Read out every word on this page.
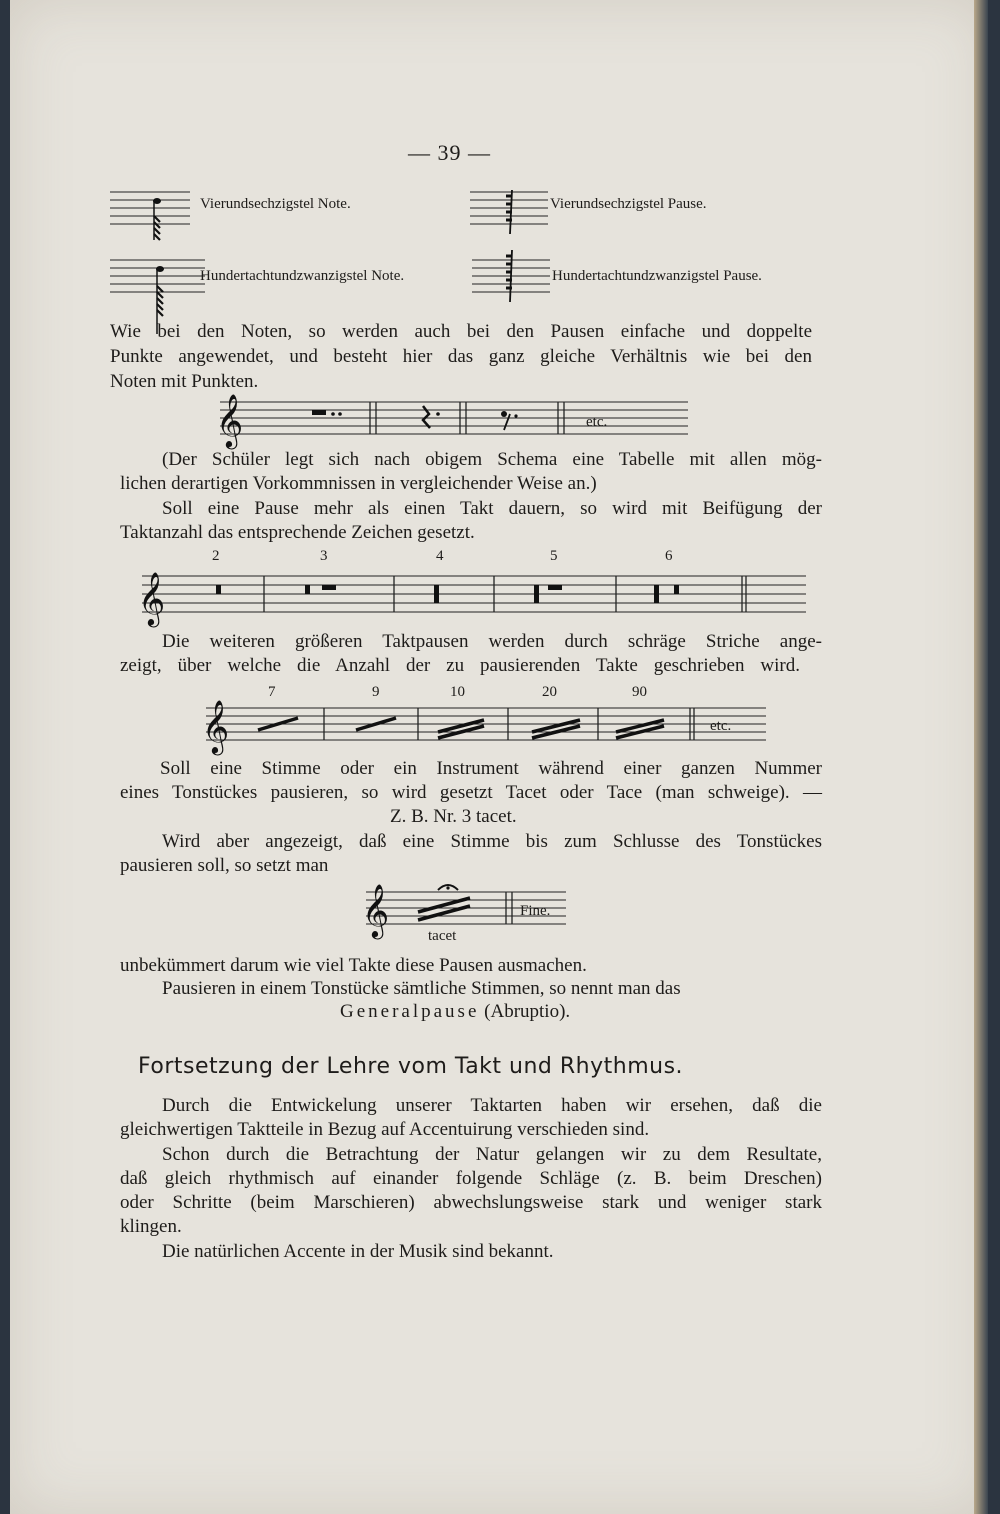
— 39 —
Vierundsechzigstel Note.	Vierundsechzigstel Pause.
Hundertachtundzwanzigstel Note.	Hundertachtundzwanzigstel Pause.
Wie bei den Noten, so werden auch bei den Pausen einfache und doppelte
Punkte angewendet, und besteht hier das ganz gleiche Verhältnis wie bei den
Noten mit Punkten.
𝄞	etc.
(Der Schüler legt sich nach obigem Schema eine Tabelle mit allen mög-
lichen derartigen Vorkommnissen in vergleichender Weise an.)
Soll eine Pause mehr als einen Takt dauern, so wird mit Beifügung der
Taktanzahl das entsprechende Zeichen gesetzt.
2	3	4	5	6
𝄞
Die weiteren größeren Taktpausen werden durch schräge Striche ange-
zeigt, über welche die Anzahl der zu pausierenden Takte geschrieben wird.
7	9	10	20	90
𝄞	etc.
Soll eine Stimme oder ein Instrument während einer ganzen Nummer
eines Tonstückes pausieren, so wird gesetzt Tacet oder Tace (man schweige). —
Z. B. Nr. 3 tacet.
Wird aber angezeigt, daß eine Stimme bis zum Schlusse des Tonstückes
pausieren soll, so setzt man
𝄞	Fine.
tacet
unbekümmert darum wie viel Takte diese Pausen ausmachen.
Pausieren in einem Tonstücke sämtliche Stimmen, so nennt man das
Generalpause (Abruptio).
Fortsetzung der Lehre vom Takt und Rhythmus.
Durch die Entwickelung unserer Taktarten haben wir ersehen, daß die
gleichwertigen Taktteile in Bezug auf Accentuirung verschieden sind.
Schon durch die Betrachtung der Natur gelangen wir zu dem Resultate,
daß gleich rhythmisch auf einander folgende Schläge (z. B. beim Dreschen)
oder Schritte (beim Marschieren) abwechslungsweise stark und weniger stark
klingen.
Die natürlichen Accente in der Musik sind bekannt.
